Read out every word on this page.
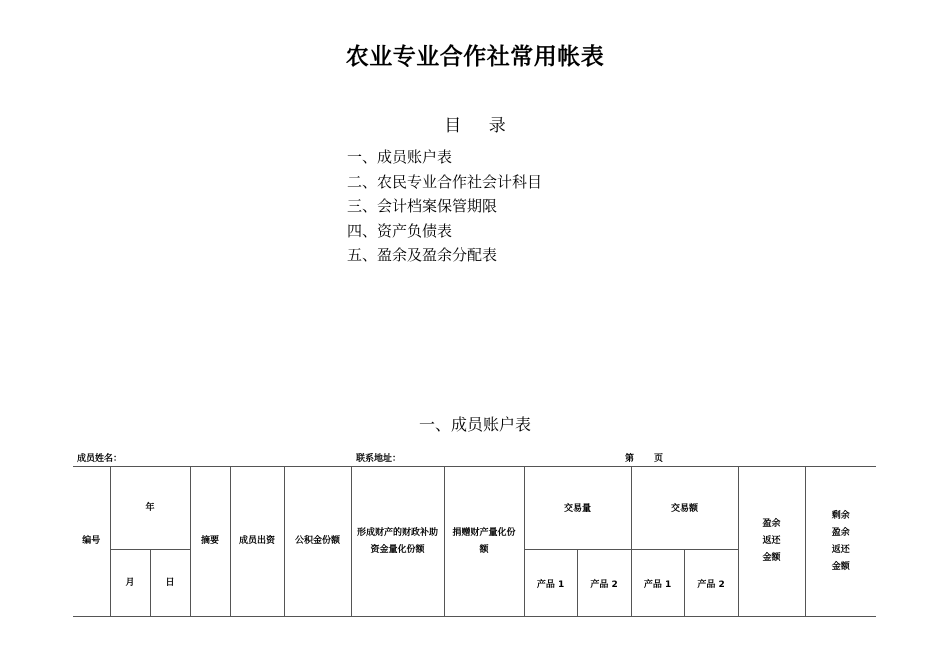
农业专业合作社常用帐表
目 录
一、成员账户表
二、农民专业合作社会计科目
三、会计档案保管期限
四、资产负债表
五、盈余及盈余分配表
一、成员账户表
成员姓名：	联系地址：	第 页
编号	年		摘要	成员出资	公积金份额	形成财产的财政补助资金量化份额	捐赠财产量化份额	交易量		交易额		盈余返还金额	剩余盈余返还金额
	月	日						产品 1	产品 2	产品 1	产品 2		
